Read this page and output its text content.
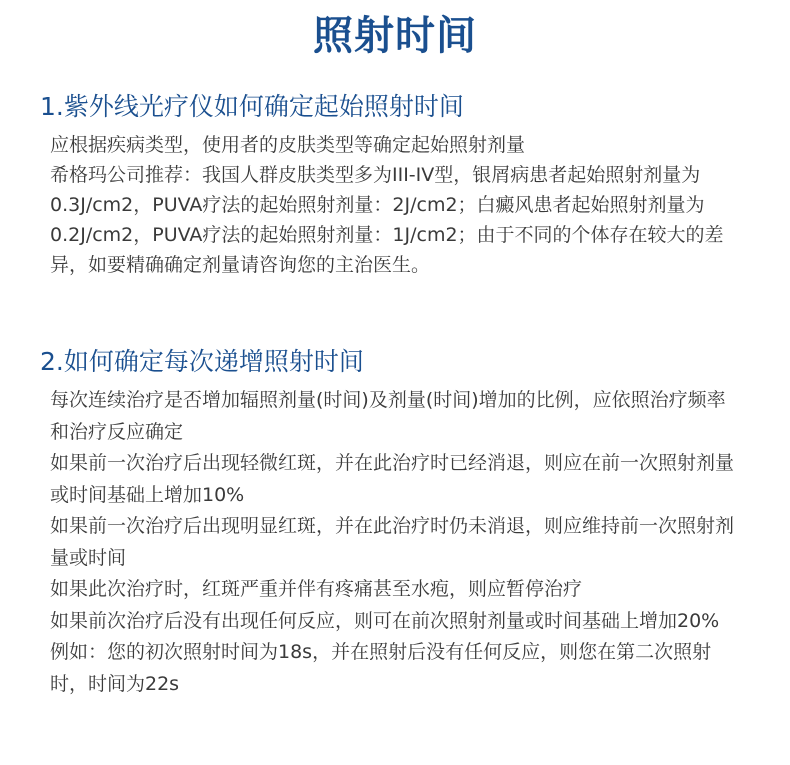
照射时间
1.紫外线光疗仪如何确定起始照射时间

应根据疾病类型，使用者的皮肤类型等确定起始照射剂量

希格玛公司推荐：我国人群皮肤类型多为III-IV型，银屑病患者起始照射剂量为0.3J/cm2，PUVA疗法的起始照射剂量：2J/cm2；白癜风患者起始照射剂量为0.2J/cm2，PUVA疗法的起始照射剂量：1J/cm2；由于不同的个体存在较大的差异，如要精确确定剂量请咨询您的主治医生。

2.如何确定每次递增照射时间

每次连续治疗是否增加辐照剂量(时间)及剂量(时间)增加的比例，应依照治疗频率和治疗反应确定

如果前一次治疗后出现轻微红斑，并在此治疗时已经消退，则应在前一次照射剂量或时间基础上增加10%

如果前一次治疗后出现明显红斑，并在此治疗时仍未消退，则应维持前一次照射剂量或时间

如果此次治疗时，红斑严重并伴有疼痛甚至水疱，则应暂停治疗

如果前次治疗后没有出现任何反应，则可在前次照射剂量或时间基础上增加20%

例如：您的初次照射时间为18s，并在照射后没有任何反应，则您在第二次照射时，时间为22s
